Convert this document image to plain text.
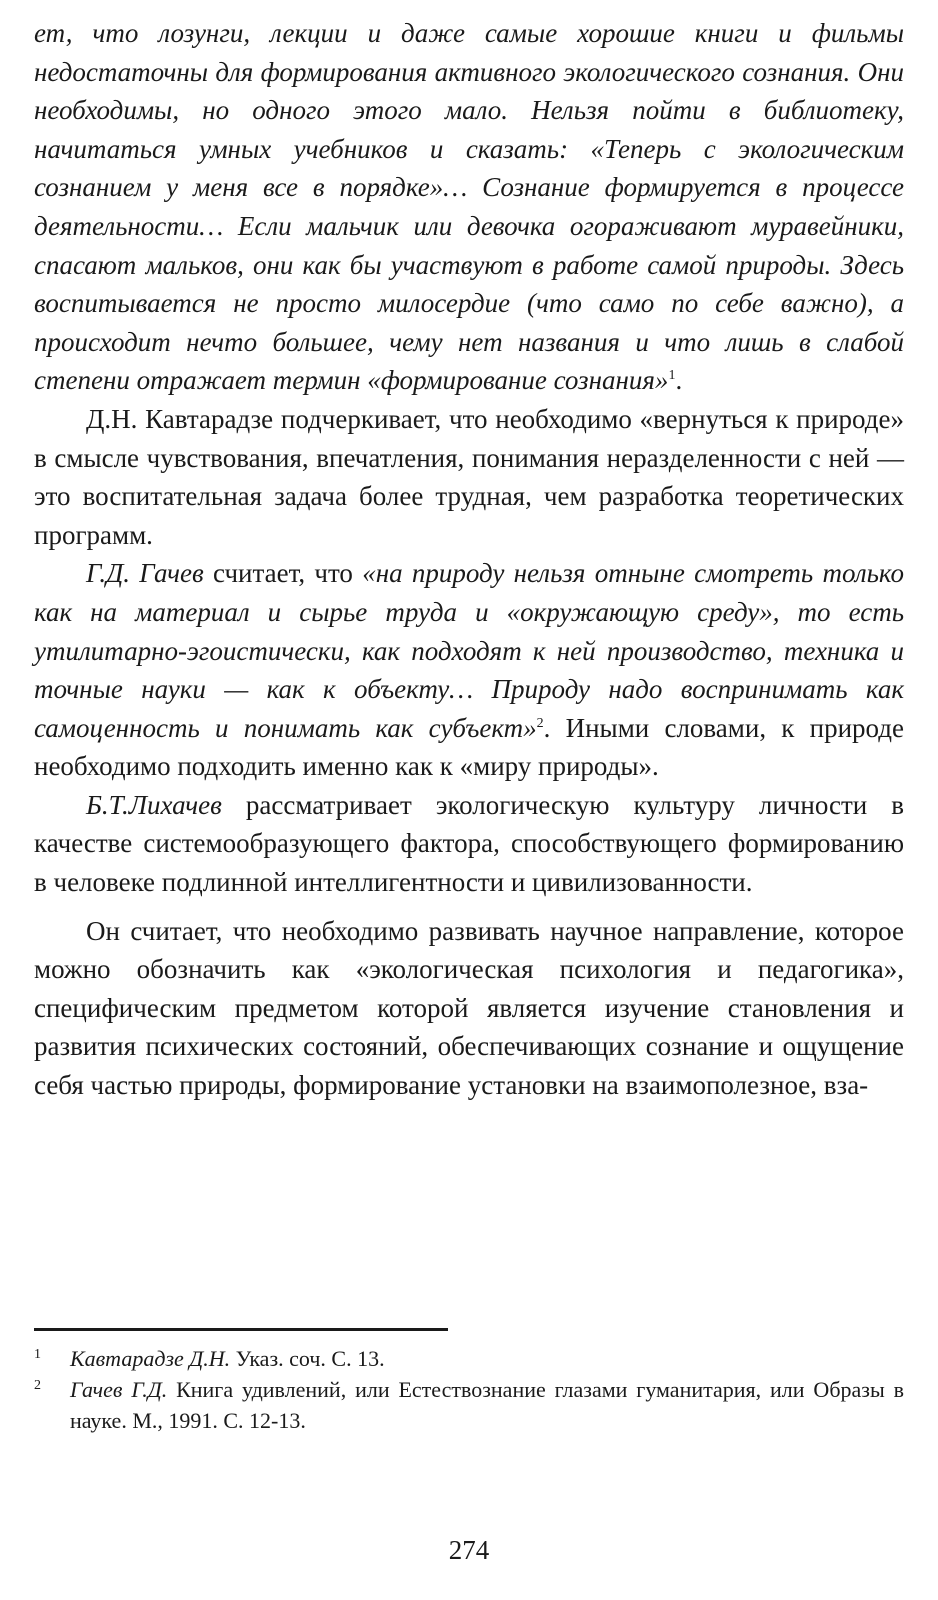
ет, что лозунги, лекции и даже самые хорошие книги и фильмы недостаточны для формирования активного экологического сознания. Они необходимы, но одного этого мало. Нельзя пойти в библиотеку, начитаться умных учебников и сказать: «Теперь с экологическим сознанием у меня все в порядке»… Сознание формируется в процессе деятельности… Если мальчик или девочка огораживают муравейники, спасают мальков, они как бы участвуют в работе самой природы. Здесь воспитывается не просто милосердие (что само по себе важно), а происходит нечто большее, чему нет названия и что лишь в слабой степени отражает термин «формирование сознания»$^1$.

Д.Н. Кавтарадзе подчеркивает, что необходимо «вернуться к природе» в смысле чувствования, впечатления, понимания неразделенности с ней — это воспитательная задача более трудная, чем разработка теоретических программ.

Г.Д. Гачев считает, что «на природу нельзя отныне смотреть только как на материал и сырье труда и «окружающую среду», то есть утилитарно-эгоистически, как подходят к ней производство, техника и точные науки — как к объекту… Природу надо воспринимать как самоценность и понимать как субъект»$^2$. Иными словами, к природе необходимо подходить именно как к «миру природы».

Б.Т.Лихачев рассматривает экологическую культуру личности в качестве системообразующего фактора, способствующего формированию в человеке подлинной интеллигентности и цивилизованности.

Он считает, что необходимо развивать научное направление, которое можно обозначить как «экологическая психология и педагогика», специфическим предметом которой является изучение становления и развития психических состояний, обеспечивающих сознание и ощущение себя частью природы, формирование установки на взаимополезное, вза-

1	Кавтарадзе Д.Н. Указ. соч. С. 13.
2	Гачев Г.Д. Книга удивлений, или Естествознание глазами гуманитария, или Образы в науке. М., 1991. С. 12-13.
274
